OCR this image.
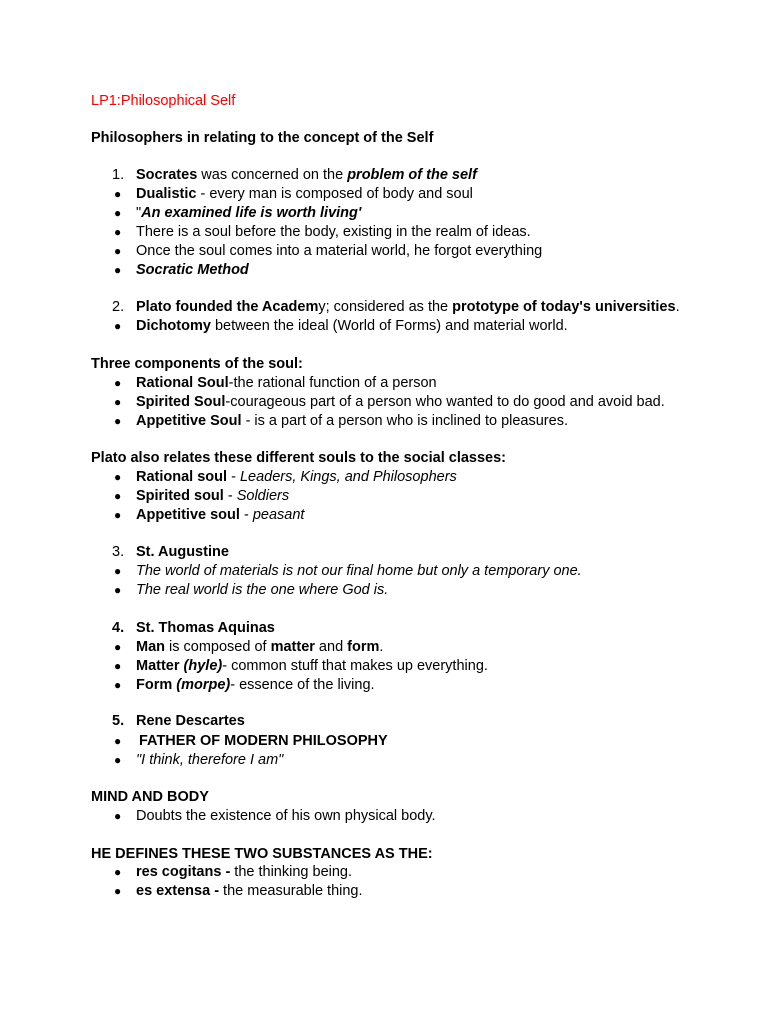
LP1:Philosophical Self
Philosophers in relating to the concept of the Self
1. Socrates was concerned on the problem of the self
● Dualistic - every man is composed of body and soul
● "An examined life is worth living'
● There is a soul before the body, existing in the realm of ideas.
● Once the soul comes into a material world, he forgot everything
● Socratic Method
2. Plato founded the Academy; considered as the prototype of today's universities.
● Dichotomy between the ideal (World of Forms) and material world.
Three components of the soul:
● Rational Soul-the rational function of a person
● Spirited Soul-courageous part of a person who wanted to do good and avoid bad.
● Appetitive Soul - is a part of a person who is inclined to pleasures.
Plato also relates these different souls to the social classes:
● Rational soul - Leaders, Kings, and Philosophers
● Spirited soul - Soldiers
● Appetitive soul - peasant
3. St. Augustine
● The world of materials is not our final home but only a temporary one.
● The real world is the one where God is.
4. St. Thomas Aquinas
● Man is composed of matter and form.
● Matter (hyle)- common stuff that makes up everything.
● Form (morpe)- essence of the living.
5. Rene Descartes
● FATHER OF MODERN PHILOSOPHY
● "I think, therefore I am"
MIND AND BODY
● Doubts the existence of his own physical body.
HE DEFINES THESE TWO SUBSTANCES AS THE:
● res cogitans - the thinking being.
● es extensa - the measurable thing.
